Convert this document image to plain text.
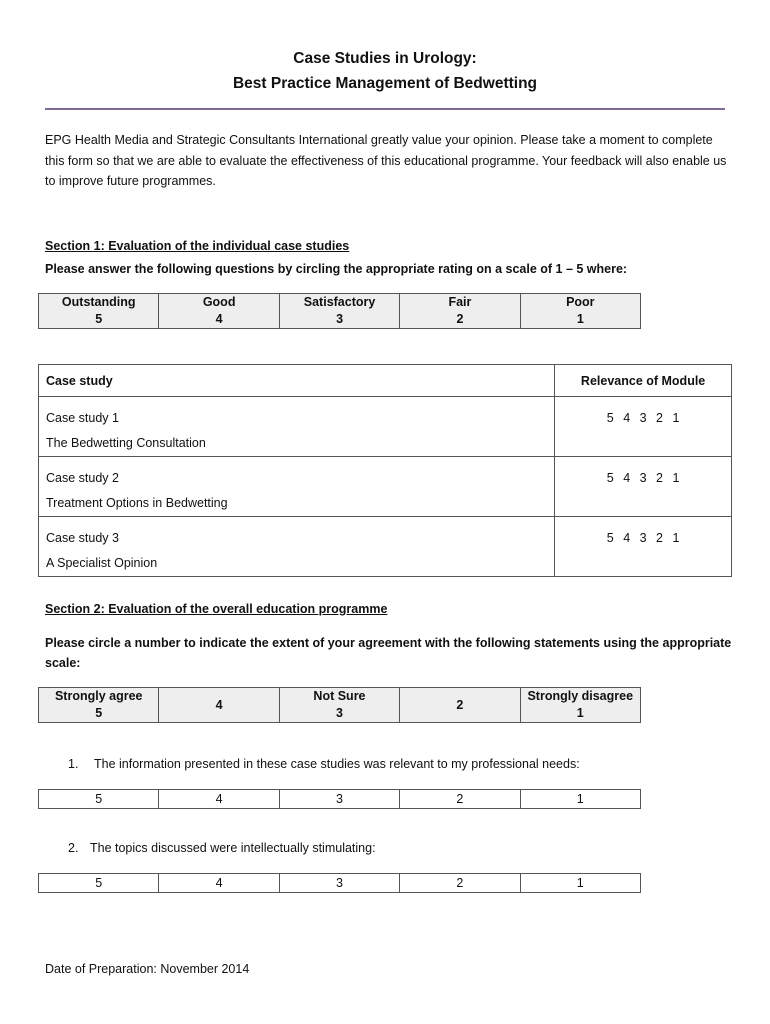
Case Studies in Urology:
Best Practice Management of Bedwetting
EPG Health Media and Strategic Consultants International greatly value your opinion. Please take a moment to complete this form so that we are able to evaluate the effectiveness of this educational programme. Your feedback will also enable us to improve future programmes.
Section 1: Evaluation of the individual case studies
Please answer the following questions by circling the appropriate rating on a scale of 1 – 5 where:
Outstanding
5

Good
4

Satisfactory
3

Fair
2

Poor
1
Case study	Relevance of Module

Case study 1
The Bedwetting Consultation	5 4 3 2 1

Case study 2
Treatment Options in Bedwetting	5 4 3 2 1

Case study 3
A Specialist Opinion	5 4 3 2 1
Section 2: Evaluation of the overall education programme
Please circle a number to indicate the extent of your agreement with the following statements using the appropriate scale:
Strongly agree
5

4

Not Sure
3

2

Strongly disagree
1
1. The information presented in these case studies was relevant to my professional needs:
5	4	3	2	1
2. The topics discussed were intellectually stimulating:
5	4	3	2	1
Date of Preparation: November 2014
